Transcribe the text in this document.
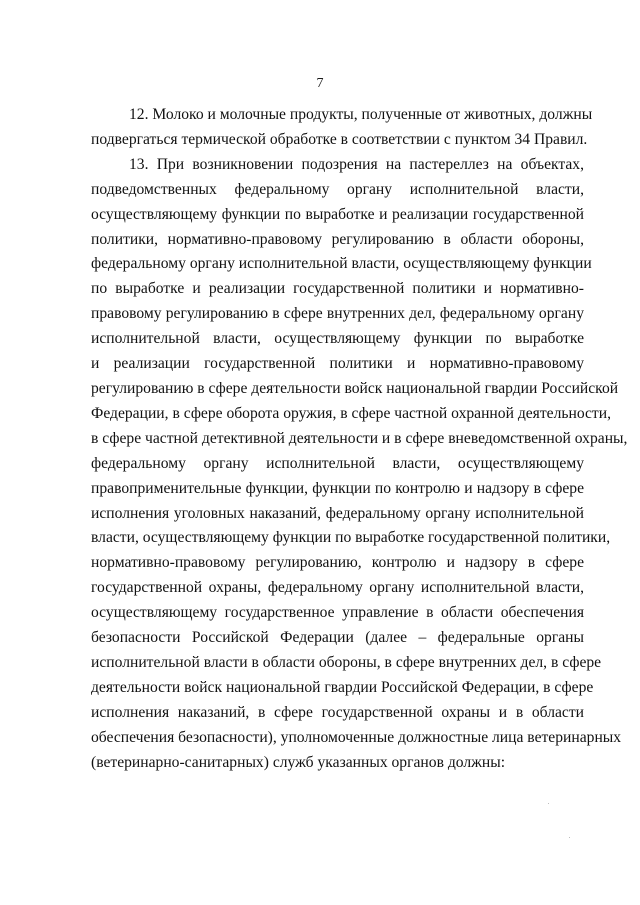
7

12. Молоко и молочные продукты, полученные от животных, должны
подвергаться термической обработке в соответствии с пунктом 34 Правил.

13. При возникновении подозрения на пастереллез на объектах,
подведомственных федеральному органу исполнительной власти,
осуществляющему функции по выработке и реализации государственной
политики, нормативно-правовому регулированию в области обороны,
федеральному органу исполнительной власти, осуществляющему функции
по выработке и реализации государственной политики и нормативно-
правовому регулированию в сфере внутренних дел, федеральному органу
исполнительной власти, осуществляющему функции по выработке
и реализации государственной политики и нормативно-правовому
регулированию в сфере деятельности войск национальной гвардии Российской
Федерации, в сфере оборота оружия, в сфере частной охранной деятельности,
в сфере частной детективной деятельности и в сфере вневедомственной охраны,
федеральному органу исполнительной власти, осуществляющему
правоприменительные функции, функции по контролю и надзору в сфере
исполнения уголовных наказаний, федеральному органу исполнительной
власти, осуществляющему функции по выработке государственной политики,
нормативно-правовому регулированию, контролю и надзору в сфере
государственной охраны, федеральному органу исполнительной власти,
осуществляющему государственное управление в области обеспечения
безопасности Российской Федерации (далее – федеральные органы
исполнительной власти в области обороны, в сфере внутренних дел, в сфере
деятельности войск национальной гвардии Российской Федерации, в сфере
исполнения наказаний, в сфере государственной охраны и в области
обеспечения безопасности), уполномоченные должностные лица ветеринарных
(ветеринарно-санитарных) служб указанных органов должны:
